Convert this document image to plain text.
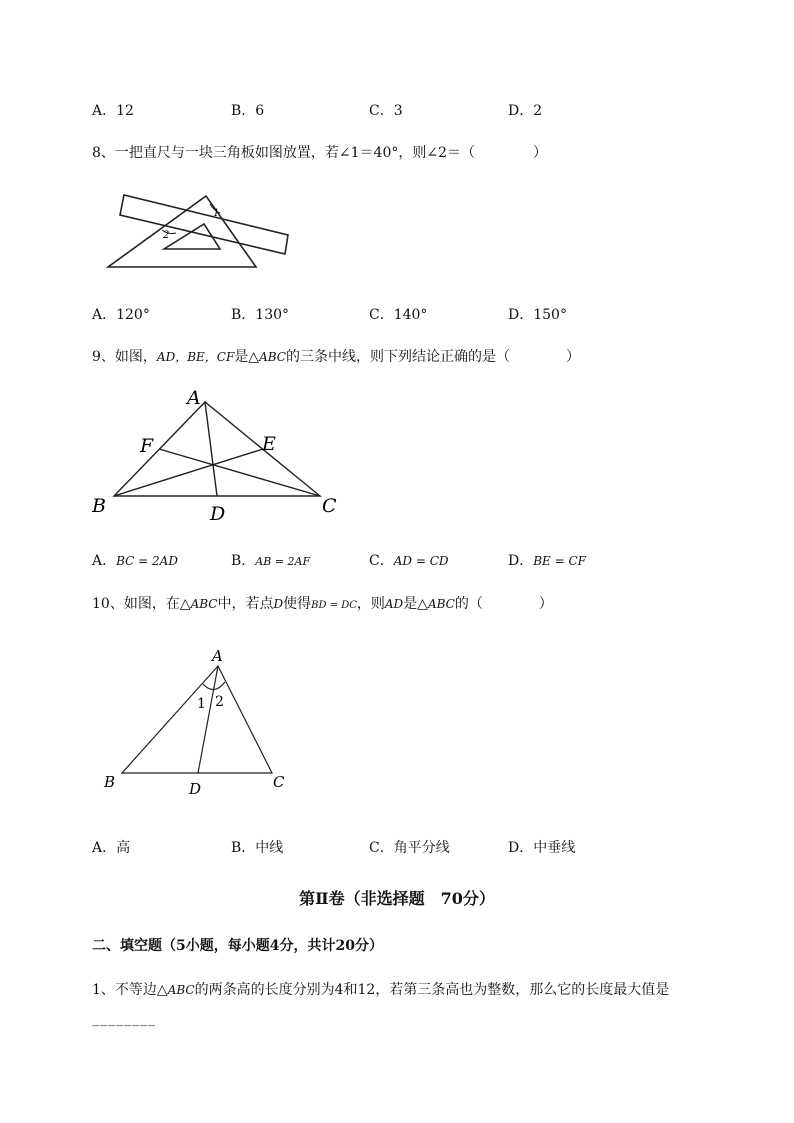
A．12	B．6	C．3	D．2
8、一把直尺与一块三角板如图放置，若∠1＝40°，则∠2＝（	）
1
2
A．120°	B．130°	C．140°	D．150°
9、如图，AD，BE，CF是△ABC的三条中线，则下列结论正确的是（	）
A
F	E
B	D	C
A．BC = 2AD	B．AB = 2AF	C．AD = CD	D．BE = CF
10、如图，在△ABC中，若点D使得BD = DC，则AD是△ABC的（	）
A
1 2
B	D	C
A．高	B．中线	C．角平分线	D．中垂线
第Ⅱ卷（非选择题　70分）
二、填空题（5小题，每小题4分，共计20分）
1、不等边△ABC的两条高的长度分别为4和12，若第三条高也为整数，那么它的长度最大值是
________
